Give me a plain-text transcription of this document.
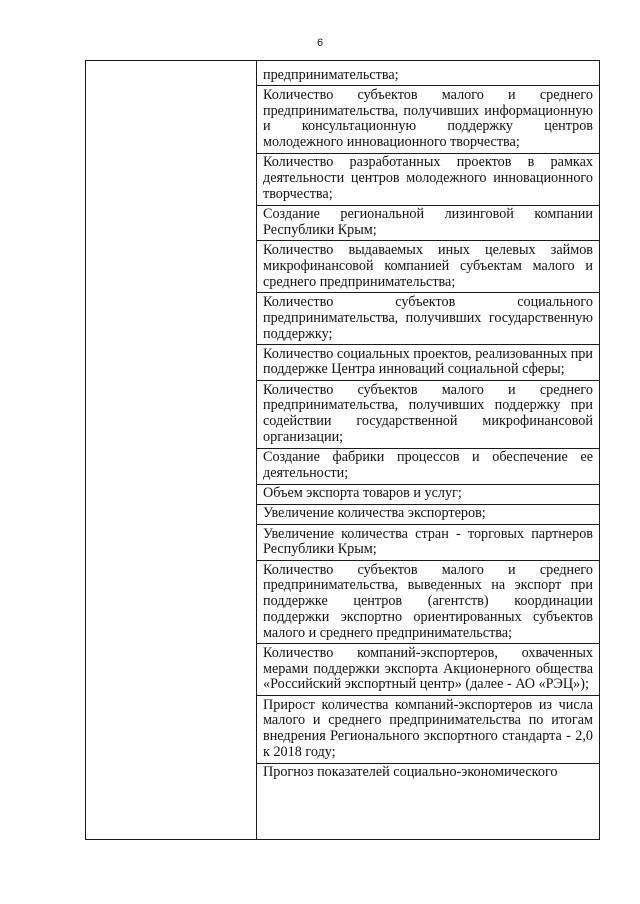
6
предпринимательства;
Количество субъектов малого и среднего предпринимательства, получивших информационную и консультационную поддержку центров молодежного инновационного творчества;
Количество разработанных проектов в рамках деятельности центров молодежного инновационного творчества;
Создание региональной лизинговой компании Республики Крым;
Количество выдаваемых иных целевых займов микрофинансовой компанией субъектам малого и среднего предпринимательства;
Количество субъектов социального предпринимательства, получивших государственную поддержку;
Количество социальных проектов, реализованных при поддержке Центра инноваций социальной сферы;
Количество субъектов малого и среднего предпринимательства, получивших поддержку при содействии государственной микрофинансовой организации;
Создание фабрики процессов и обеспечение ее деятельности;
Объем экспорта товаров и услуг;
Увеличение количества экспортеров;
Увеличение количества стран - торговых партнеров Республики Крым;
Количество субъектов малого и среднего предпринимательства, выведенных на экспорт при поддержке центров (агентств) координации поддержки экспортно ориентированных субъектов малого и среднего предпринимательства;
Количество компаний-экспортеров, охваченных мерами поддержки экспорта Акционерного общества «Российский экспортный центр» (далее - АО «РЭЦ»);
Прирост количества компаний-экспортеров из числа малого и среднего предпринимательства по итогам внедрения Регионального экспортного стандарта - 2,0 к 2018 году;
Прогноз показателей социально-экономического
